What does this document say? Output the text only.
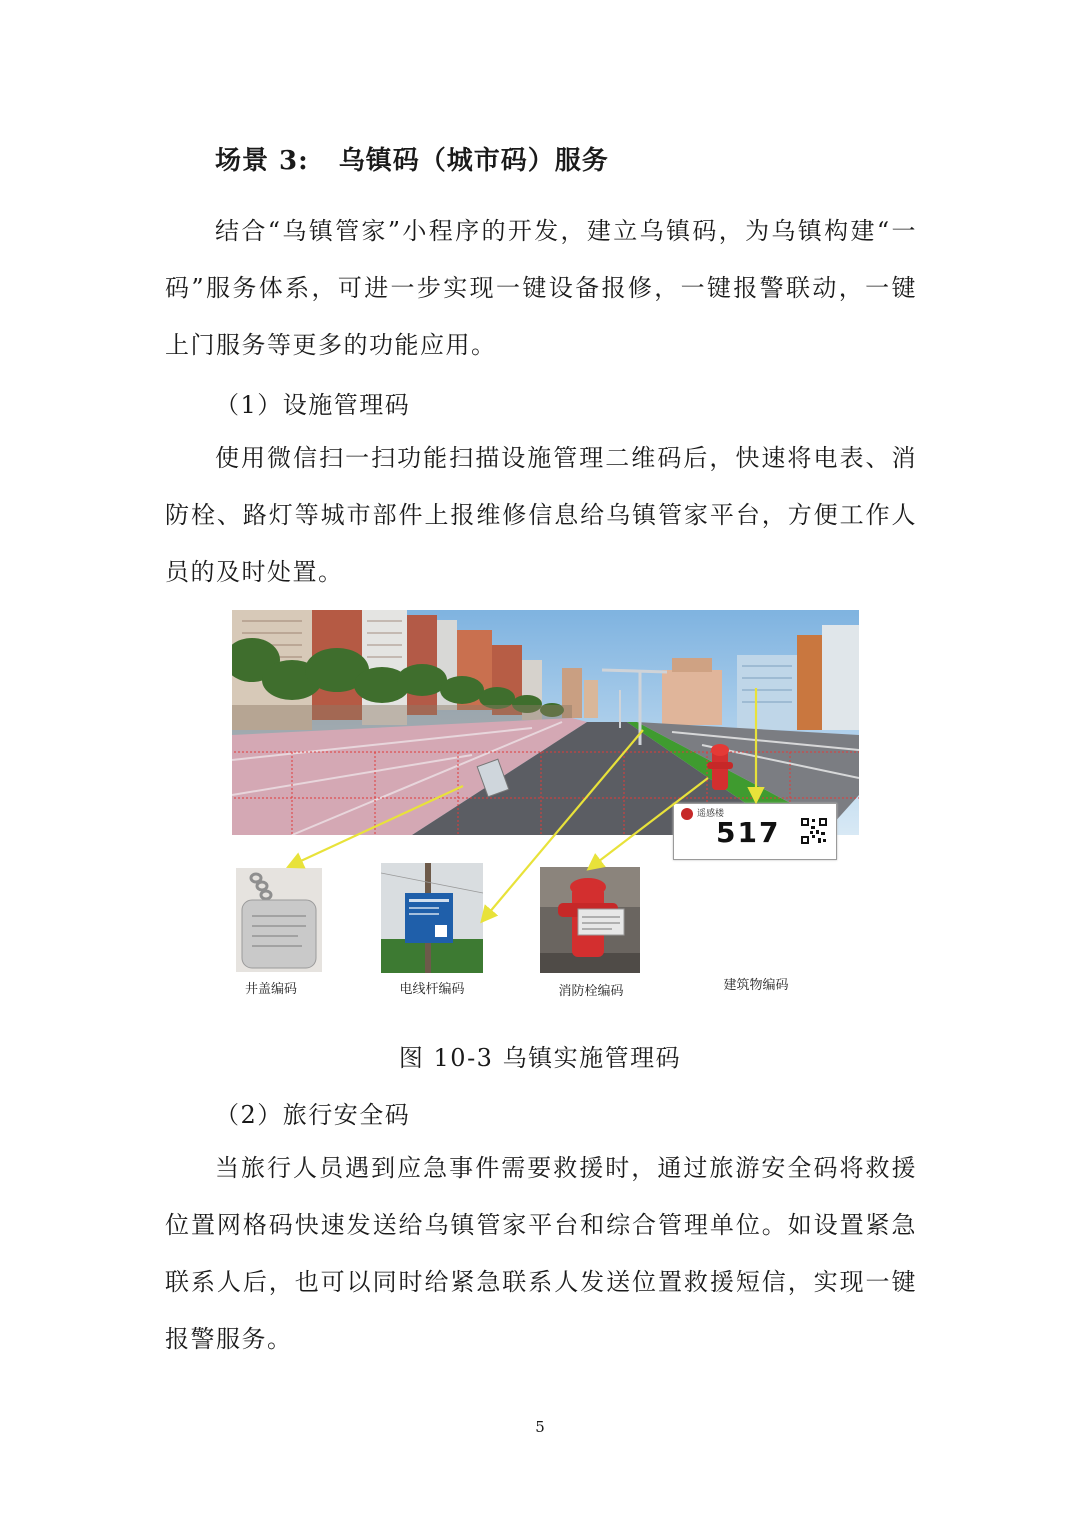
场景 3: 乌镇码（城市码）服务
结合“乌镇管家”小程序的开发，建立乌镇码，为乌镇构建“一码”服务体系，可进一步实现一键设备报修，一键报警联动，一键上门服务等更多的功能应用。
（1）设施管理码
使用微信扫一扫功能扫描设施管理二维码后，快速将电表、消防栓、路灯等城市部件上报维修信息给乌镇管家平台，方便工作人员的及时处置。
井盖编码	电线杆编码	消防栓编码
遥感楼
517
建筑物编码
图 10-3 乌镇实施管理码
（2）旅行安全码
当旅行人员遇到应急事件需要救援时，通过旅游安全码将救援位置网格码快速发送给乌镇管家平台和综合管理单位。如设置紧急联系人后，也可以同时给紧急联系人发送位置救援短信，实现一键报警服务。
5
